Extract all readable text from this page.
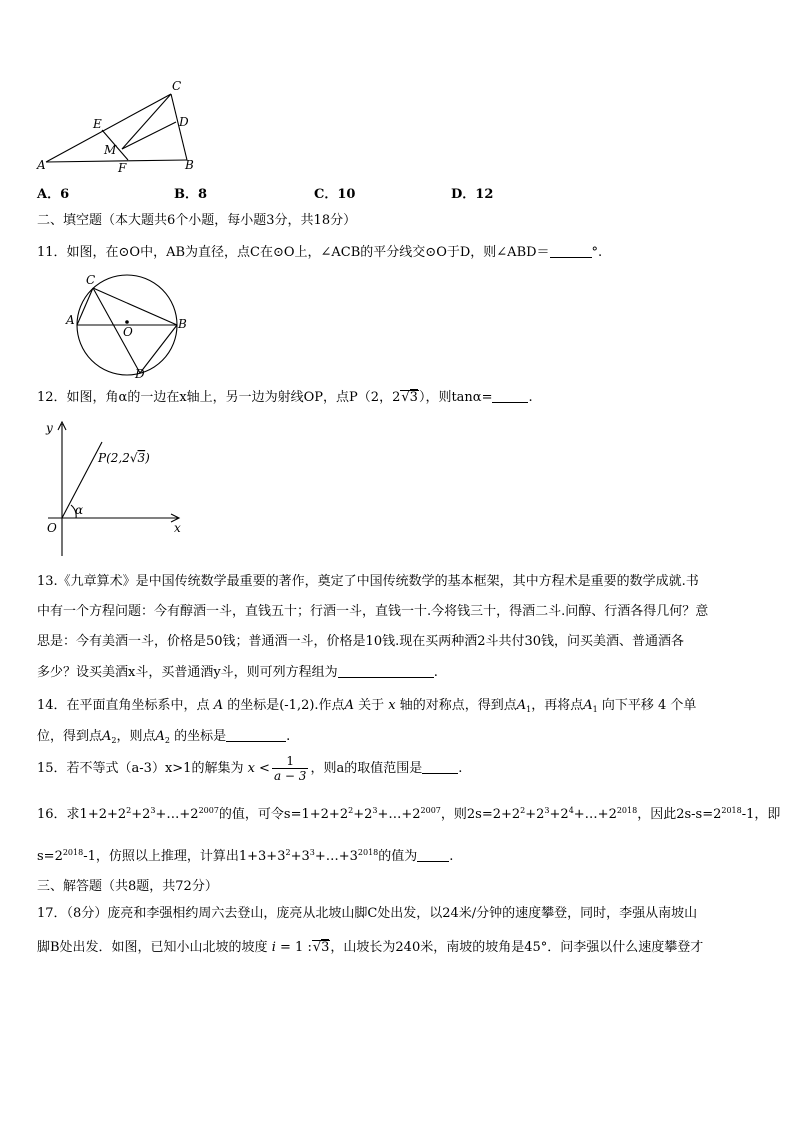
C
D
E
M
A	F	B
A．6	B．8	C．10	D．12
二、填空题（本大题共6个小题，每小题3分，共18分）
11．如图，在⊙O中，AB为直径，点C在⊙O上，∠ACB的平分线交⊙O于D，则∠ABD＝	°.
C
A
O
B
D
12．如图，角α的一边在x轴上，另一边为射线OP，点P（2，2√3），则tanα=	.
y
x
O
α
P(2,2√3)
13.《九章算术》是中国传统数学最重要的著作，奠定了中国传统数学的基本框架，其中方程术是重要的数学成就.书
中有一个方程问题：今有醇酒一斗，直钱五十；行酒一斗，直钱一十.今将钱三十，得酒二斗.问醇、行酒各得几何？意
思是：今有美酒一斗，价格是50钱；普通酒一斗，价格是10钱.现在买两种酒2斗共付30钱，问买美酒、普通酒各
多少？设买美酒x斗，买普通酒y斗，则可列方程组为	.
14．在平面直角坐标系中，点 A 的坐标是(-1,2).作点A 关于 x 轴的对称点，得到点$A_1$，再将点$A_1$ 向下平移 4 个单
位，得到点$A_2$，则点$A_2$ 的坐标是	.
15．若不等式（a-3）x>1的解集为 $x < \frac{1}{a - 3}$ ，则a的取值范围是	.
16．求$1+2+2^2+2^3+\dots+2^{2007}$的值，可令$s=1+2+2^2+2^3+\dots+2^{2007}$，则$2s=2+2^2+2^3+2^4+\dots+2^{2018}$，因此$2s-s=2^{2018}-1$，即
$s=2^{2018}-1$，仿照以上推理，计算出$1+3+3^2+3^3+\dots+3^{2018}$的值为 .
三、解答题（共8题，共72分）
17．（8分）庞亮和李强相约周六去登山，庞亮从北坡山脚C处出发，以24米/分钟的速度攀登，同时，李强从南坡山
脚B处出发．如图，已知小山北坡的坡度 i = 1 :√3，山坡长为240米，南坡的坡角是45°．问李强以什么速度攀登才
